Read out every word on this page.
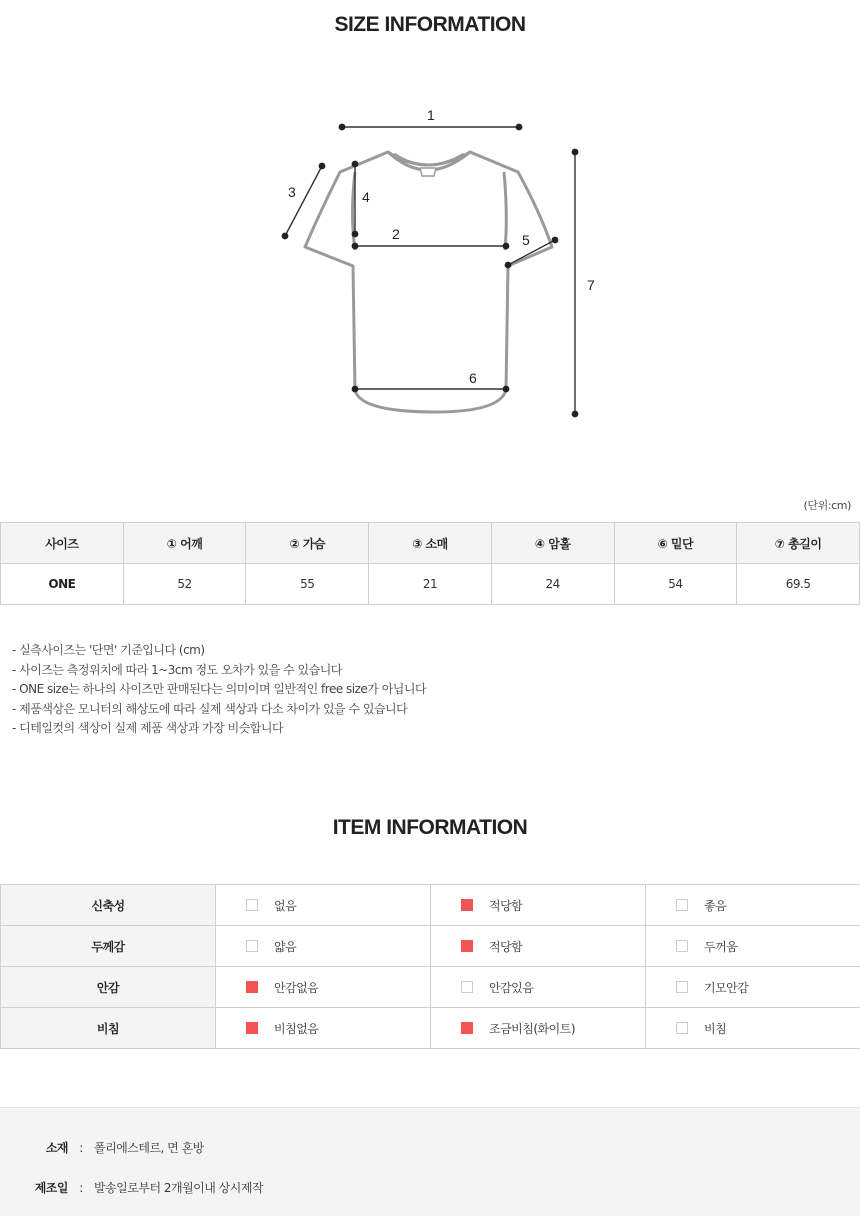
SIZE INFORMATION
1
2
3	4
5
6
7
(단위:cm)
사이즈	① 어깨	② 가슴	③ 소매	④ 암홀	⑥ 밑단	⑦ 총길이
ONE	52	55	21	24	54	69.5
- 실측사이즈는 '단면' 기준입니다 (cm)
- 사이즈는 측정위치에 따라 1~3cm 정도 오차가 있을 수 있습니다
- ONE size는 하나의 사이즈만 판매된다는 의미이며 일반적인 free size가 아닙니다
- 제품색상은 모니터의 해상도에 따라 실제 색상과 다소 차이가 있을 수 있습니다
- 디테일컷의 색상이 실제 제품 색상과 가장 비슷합니다
ITEM INFORMATION
신축성	없음	적당함	좋음
두께감	얇음	적당함	두꺼움
안감	안감없음	안감있음	기모안감
비침	비침없음	조금비침(화이트)	비침
소재 : 폴리에스테르, 면 혼방
제조일 : 발송일로부터 2개월이내 상시제작
